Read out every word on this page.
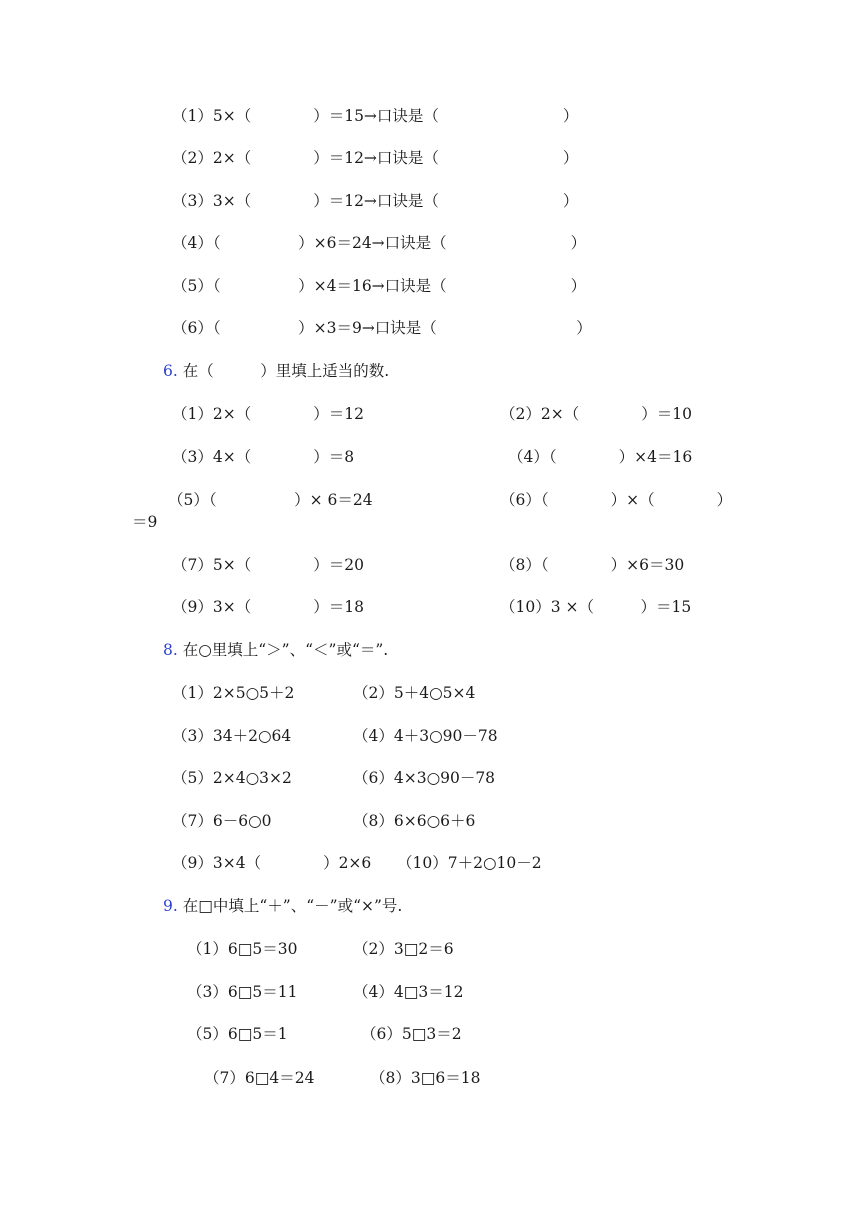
（1）5×（　　　　）＝15→口诀是（　　　　　　　　）
（2）2×（　　　　）＝12→口诀是（　　　　　　　　）
（3）3×（　　　　）＝12→口诀是（　　　　　　　　）
（4）（　　　　　）×6＝24→口诀是（　　　　　　　　）
（5）（　　　　　）×4＝16→口诀是（　　　　　　　　）
（6）（　　　　　）×3＝9→口诀是（　　　　　　　　　）
6. 在（　　　）里填上适当的数.
（1）2×（　　　　）＝12	（2）2×（　　　　）＝10
（3）4×（　　　　）＝8	（4）（　　　　）×4＝16
（5）（　　　　　）× 6＝24	（6）（　　　　）×（　　　　）
＝9
（7）5×（　　　　）＝20	（8）（　　　　）×6＝30
（9）3×（　　　　）＝18	（10）3 ×（　　　）＝15
8. 在○里填上“＞”、“＜”或“＝”.
（1）2×5○5＋2	（2）5＋4○5×4
（3）34＋2○64	（4）4＋3○90－78
（5）2×4○3×2	（6）4×3○90－78
（7）6－6○0	（8）6×6○6＋6
（9）3×4（　　　　）2×6 （10）7＋2○10－2
9. 在□中填上“＋”、“－”或“×”号.
（1）6□5＝30	（2）3□2＝6
（3）6□5＝11	（4）4□3＝12
（5）6□5＝1	（6）5□3＝2
（7）6□4＝24	（8）3□6＝18
